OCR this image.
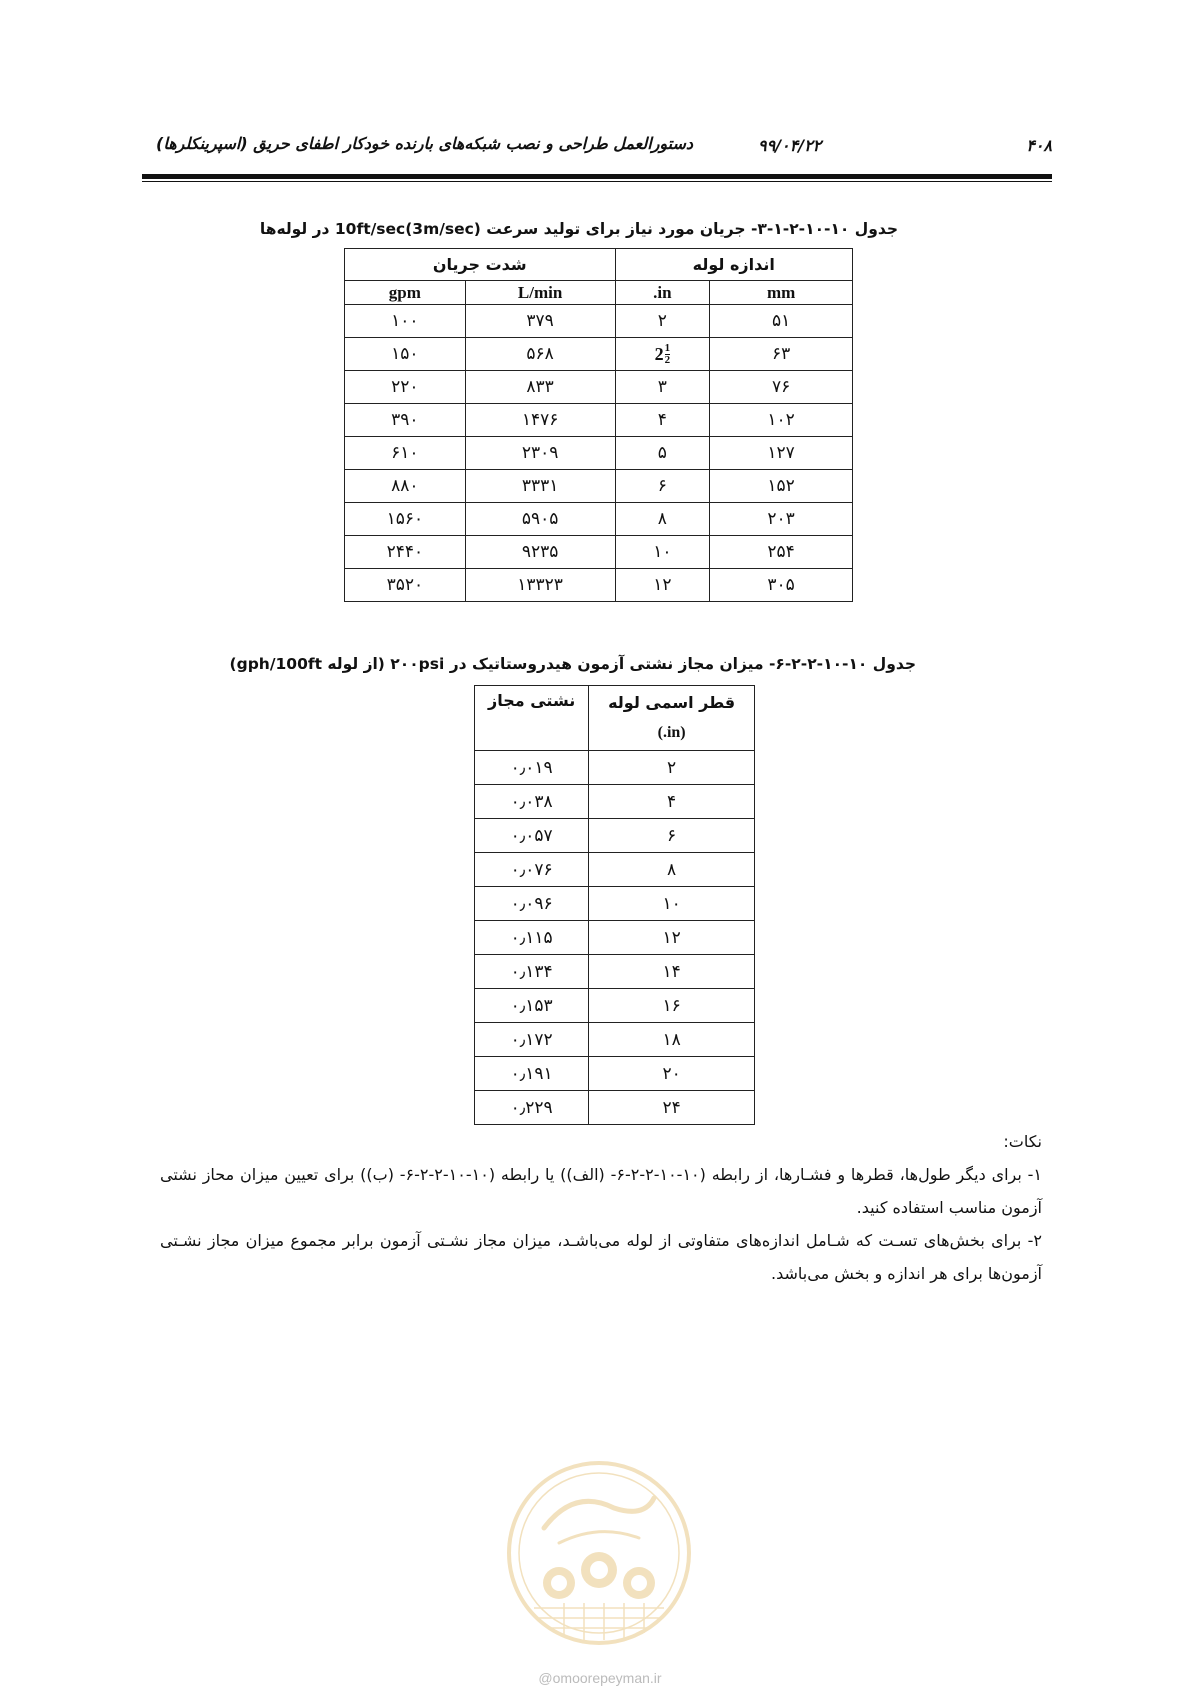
۴۰۸
۹۹/۰۴/۲۲
دستورالعمل طراحی و نصب شبکه‌های بارنده خودکار اطفای حریق (اسپرینکلرها)
جدول ۱۰-۱۰-۲-۱-۳- جریان مورد نیاز برای تولید سرعت 10ft/sec(3m/sec) در لوله‌ها
اندازه لوله		شدت جریان	
mm	in.	L/min	gpm
۵۱	۲	۳۷۹	۱۰۰
۶۳	$2 \frac{1}{2}$	۵۶۸	۱۵۰
۷۶	۳	۸۳۳	۲۲۰
۱۰۲	۴	۱۴۷۶	۳۹۰
۱۲۷	۵	۲۳۰۹	۶۱۰
۱۵۲	۶	۳۳۳۱	۸۸۰
۲۰۳	۸	۵۹۰۵	۱۵۶۰
۲۵۴	۱۰	۹۲۳۵	۲۴۴۰
۳۰۵	۱۲	۱۳۳۲۳	۳۵۲۰
جدول ۱۰-۱۰-۲-۲-۶- میزان مجاز نشتی آزمون هیدروستاتیک در ۲۰۰psi (از لوله gph/100ft)
قطر اسمی لوله
(in.)	نشتی مجاز

۲	۰٫۰۱۹
۴	۰٫۰۳۸
۶	۰٫۰۵۷
۸	۰٫۰۷۶
۱۰	۰٫۰۹۶
۱۲	۰٫۱۱۵
۱۴	۰٫۱۳۴
۱۶	۰٫۱۵۳
۱۸	۰٫۱۷۲
۲۰	۰٫۱۹۱
۲۴	۰٫۲۲۹

نکات:

۱- برای دیگر طول‌ها، قطرها و فشـارها، از رابطه (۱۰-۱۰-۲-۲-۶- (الف)) یا رابطه (۱۰-۱۰-۲-۲-۶- (ب)) برای تعیین میزان محاز نشتی آزمون مناسب استفاده کنید.

۲- برای بخش‌های تسـت که شـامل اندازه‌های متفاوتی از لوله می‌باشـد، میزان مجاز نشـتی آزمون برابر مجموع میزان مجاز نشـتی آزمون‌ها برای هر اندازه و بخش می‌باشد.

@omoorepeyman.ir
